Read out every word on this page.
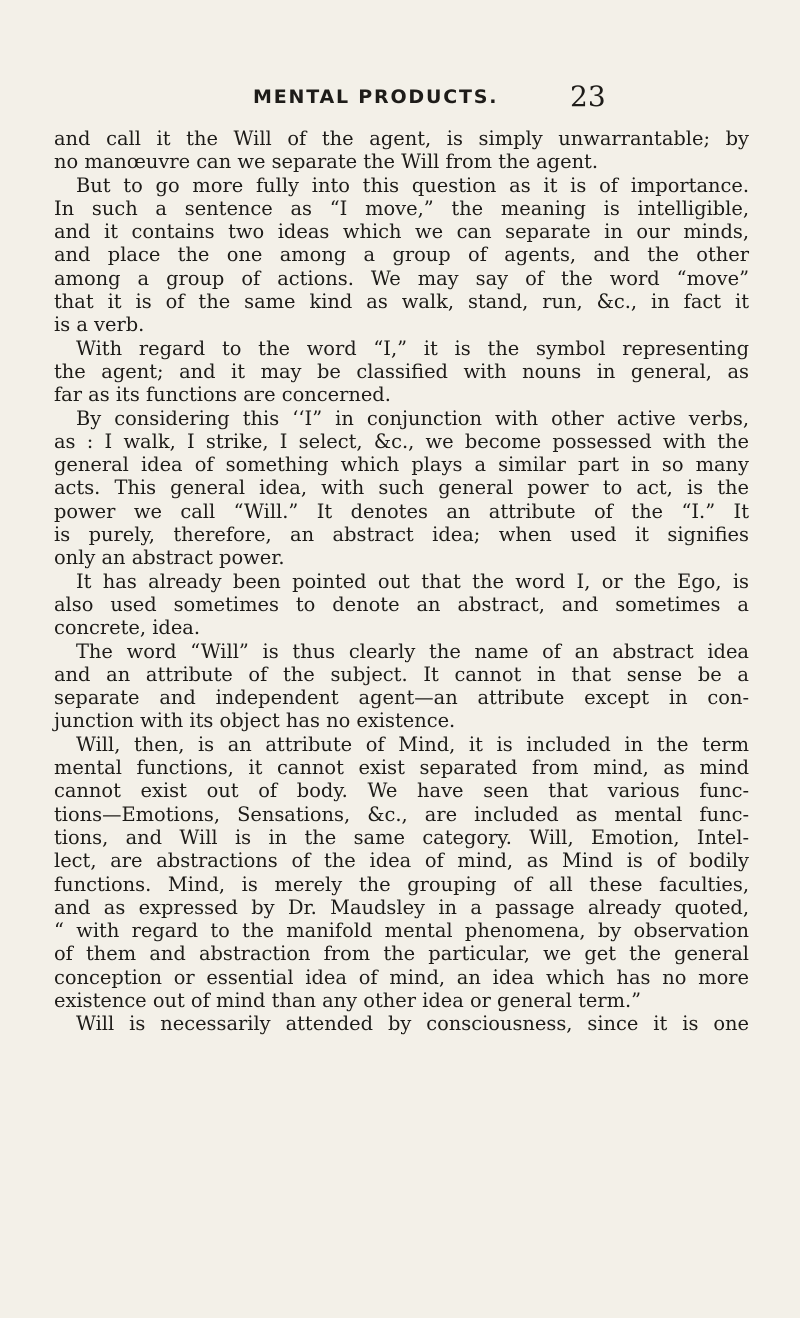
MENTAL PRODUCTS.	23
and call it the Will of the agent, is simply unwarrantable; by
no manœuvre can we separate the Will from the agent.
But to go more fully into this question as it is of importance.
In such a sentence as “I move,” the meaning is intelligible,
and it contains two ideas which we can separate in our minds,
and place the one among a group of agents, and the other
among a group of actions. We may say of the word “move”
that it is of the same kind as walk, stand, run, &c., in fact it
is a verb.
With regard to the word “I,” it is the symbol representing
the agent; and it may be classified with nouns in general, as
far as its functions are concerned.
By considering this ‘‘I” in conjunction with other active verbs,
as : I walk, I strike, I select, &c., we become possessed with the
general idea of something which plays a similar part in so many
acts. This general idea, with such general power to act, is the
power we call “Will.” It denotes an attribute of the “I.” It
is purely, therefore, an abstract idea; when used it signifies
only an abstract power.
It has already been pointed out that the word I, or the Ego, is
also used sometimes to denote an abstract, and sometimes a
concrete, idea.
The word “Will” is thus clearly the name of an abstract idea
and an attribute of the subject. It cannot in that sense be a
separate and independent agent—an attribute except in con-
junction with its object has no existence.
Will, then, is an attribute of Mind, it is included in the term
mental functions, it cannot exist separated from mind, as mind
cannot exist out of body. We have seen that various func-
tions—Emotions, Sensations, &c., are included as mental func-
tions, and Will is in the same category. Will, Emotion, Intel-
lect, are abstractions of the idea of mind, as Mind is of bodily
functions. Mind, is merely the grouping of all these faculties,
and as expressed by Dr. Maudsley in a passage already quoted,
“ with regard to the manifold mental phenomena, by observation
of them and abstraction from the particular, we get the general
conception or essential idea of mind, an idea which has no more
existence out of mind than any other idea or general term.”
Will is necessarily attended by consciousness, since it is one
